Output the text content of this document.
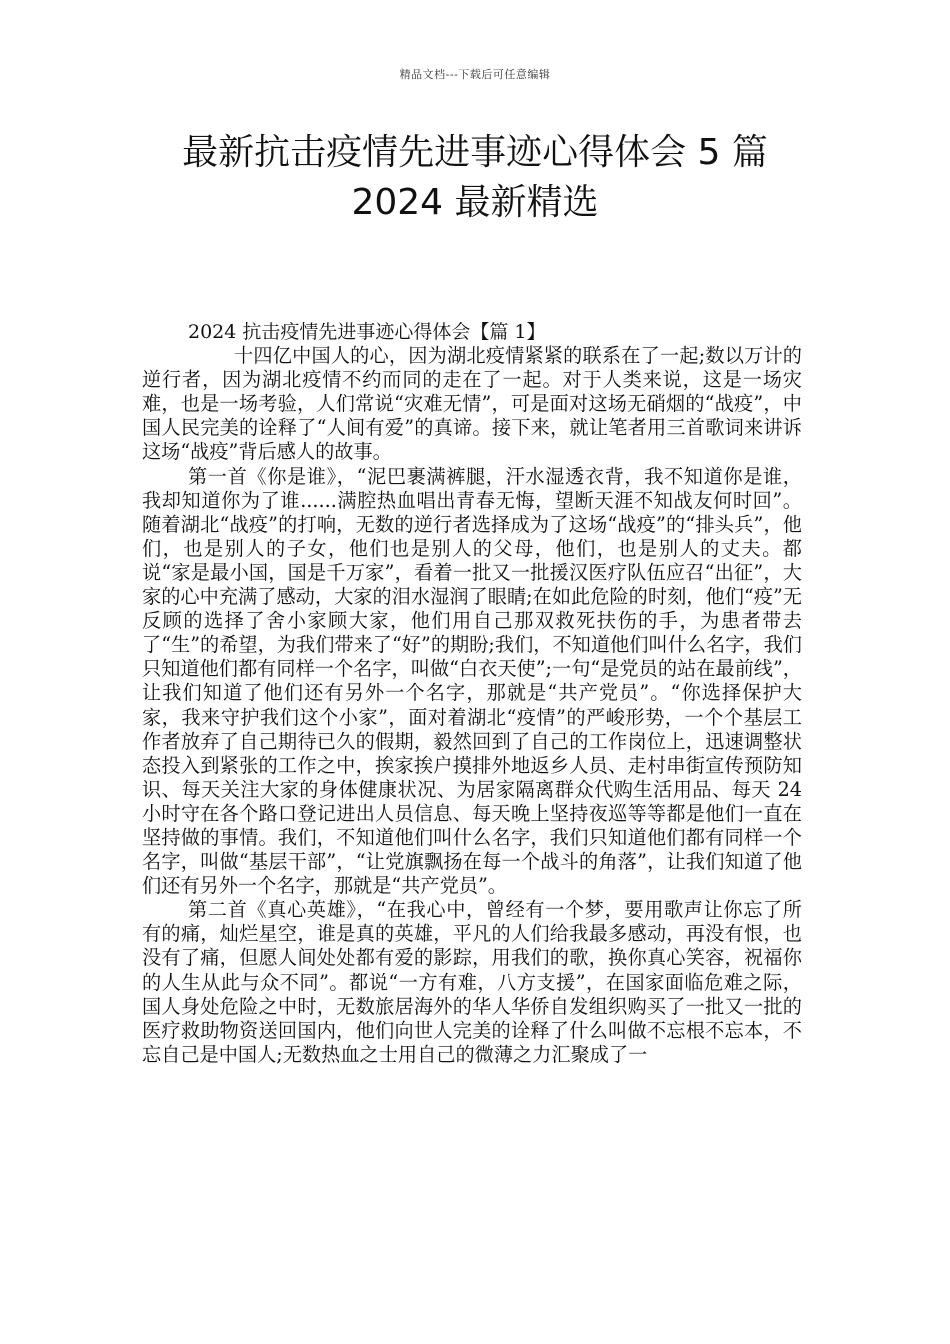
精品文档---下载后可任意编辑
最新抗击疫情先进事迹心得体会 5 篇
2024 最新精选

2024 抗击疫情先进事迹心得体会【篇 1】

十四亿中国人的心，因为湖北疫情紧紧的联系在了一起;数以万计的逆行者，因为湖北疫情不约而同的走在了一起。对于人类来说，这是一场灾难，也是一场考验，人们常说“灾难无情”，可是面对这场无硝烟的“战疫”，中国人民完美的诠释了“人间有爱”的真谛。接下来，就让笔者用三首歌词来讲诉这场“战疫”背后感人的故事。

第一首《你是谁》，“泥巴裹满裤腿，汗水湿透衣背，我不知道你是谁，我却知道你为了谁......满腔热血唱出青春无悔，望断天涯不知战友何时回”。随着湖北“战疫”的打响，无数的逆行者选择成为了这场“战疫”的“排头兵”，他们，也是别人的子女，他们也是别人的父母，他们，也是别人的丈夫。都说“家是最小国，国是千万家”，看着一批又一批援汉医疗队伍应召“出征”，大家的心中充满了感动，大家的泪水湿润了眼睛;在如此危险的时刻，他们“疫”无反顾的选择了舍小家顾大家，他们用自己那双救死扶伤的手，为患者带去了“生”的希望，为我们带来了“好”的期盼;我们，不知道他们叫什么名字，我们只知道他们都有同样一个名字，叫做“白衣天使”;一句“是党员的站在最前线”，让我们知道了他们还有另外一个名字，那就是“共产党员”。“你选择保护大家，我来守护我们这个小家”，面对着湖北“疫情”的严峻形势，一个个基层工作者放弃了自己期待已久的假期，毅然回到了自己的工作岗位上，迅速调整状态投入到紧张的工作之中，挨家挨户摸排外地返乡人员、走村串街宣传预防知识、每天关注大家的身体健康状况、为居家隔离群众代购生活用品、每天 24 小时守在各个路口登记进出人员信息、每天晚上坚持夜巡等等都是他们一直在坚持做的事情。我们，不知道他们叫什么名字，我们只知道他们都有同样一个名字，叫做“基层干部”，“让党旗飘扬在每一个战斗的角落”，让我们知道了他们还有另外一个名字，那就是“共产党员”。

第二首《真心英雄》，“在我心中，曾经有一个梦，要用歌声让你忘了所有的痛，灿烂星空，谁是真的英雄，平凡的人们给我最多感动，再没有恨，也没有了痛，但愿人间处处都有爱的影踪，用我们的歌，换你真心笑容，祝福你的人生从此与众不同”。都说“一方有难，八方支援”，在国家面临危难之际，国人身处危险之中时，无数旅居海外的华人华侨自发组织购买了一批又一批的医疗救助物资送回国内，他们向世人完美的诠释了什么叫做不忘根不忘本，不忘自己是中国人;无数热血之士用自己的微薄之力汇聚成了一
